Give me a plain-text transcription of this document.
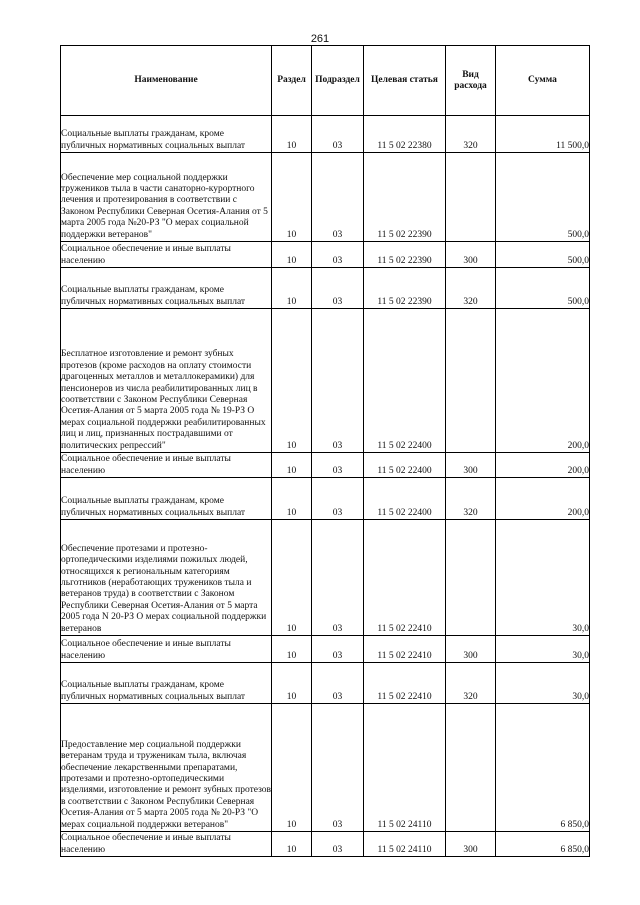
261
Наименование	Раздел	Подраздел	Целевая статья	Вид расхода	Сумма
Социальные выплаты гражданам, кроме публичных нормативных социальных выплат	10	03	11 5 02 22380	320	11 500,0
Обеспечение мер социальной поддержки тружеников тыла в части санаторно-курортного лечения и протезирования в соответствии с Законом Республики Северная Осетия-Алания от 5 марта 2005 года №20-РЗ "О мерах социальной поддержки ветеранов"	10	03	11 5 02 22390		500,0
Социальное обеспечение и иные выплаты населению	10	03	11 5 02 22390	300	500,0
Социальные выплаты гражданам, кроме публичных нормативных социальных выплат	10	03	11 5 02 22390	320	500,0
Бесплатное изготовление и ремонт зубных протезов (кроме расходов на оплату стоимости драгоценных металлов и металлокерамики) для пенсионеров из числа реабилитированных лиц в соответствии с Законом Республики Северная Осетия-Алания от 5 марта 2005 года № 19-РЗ О мерах социальной поддержки реабилитированных лиц и лиц, признанных пострадавшими от политических репрессий"	10	03	11 5 02 22400		200,0
Социальное обеспечение и иные выплаты населению	10	03	11 5 02 22400	300	200,0
Социальные выплаты гражданам, кроме публичных нормативных социальных выплат	10	03	11 5 02 22400	320	200,0
Обеспечение протезами и протезно-ортопедическими изделиями пожилых людей, относящихся к региональным категориям льготников (неработающих тружеников тыла и ветеранов труда) в соответствии с Законом Республики Северная Осетия-Алания от 5 марта 2005 года N 20-РЗ О мерах социальной поддержки ветеранов	10	03	11 5 02 22410		30,0
Социальное обеспечение и иные выплаты населению	10	03	11 5 02 22410	300	30,0
Социальные выплаты гражданам, кроме публичных нормативных социальных выплат	10	03	11 5 02 22410	320	30,0
Предоставление мер социальной поддержки ветеранам труда и труженикам тыла, включая обеспечение лекарственными препаратами, протезами и протезно-ортопедическими изделиями, изготовление и ремонт зубных протезов в соответствии с Законом Республики Северная Осетия-Алания от 5 марта 2005 года № 20-РЗ "О мерах социальной поддержки ветеранов"	10	03	11 5 02 24110		6 850,0
Социальное обеспечение и иные выплаты населению	10	03	11 5 02 24110	300	6 850,0
